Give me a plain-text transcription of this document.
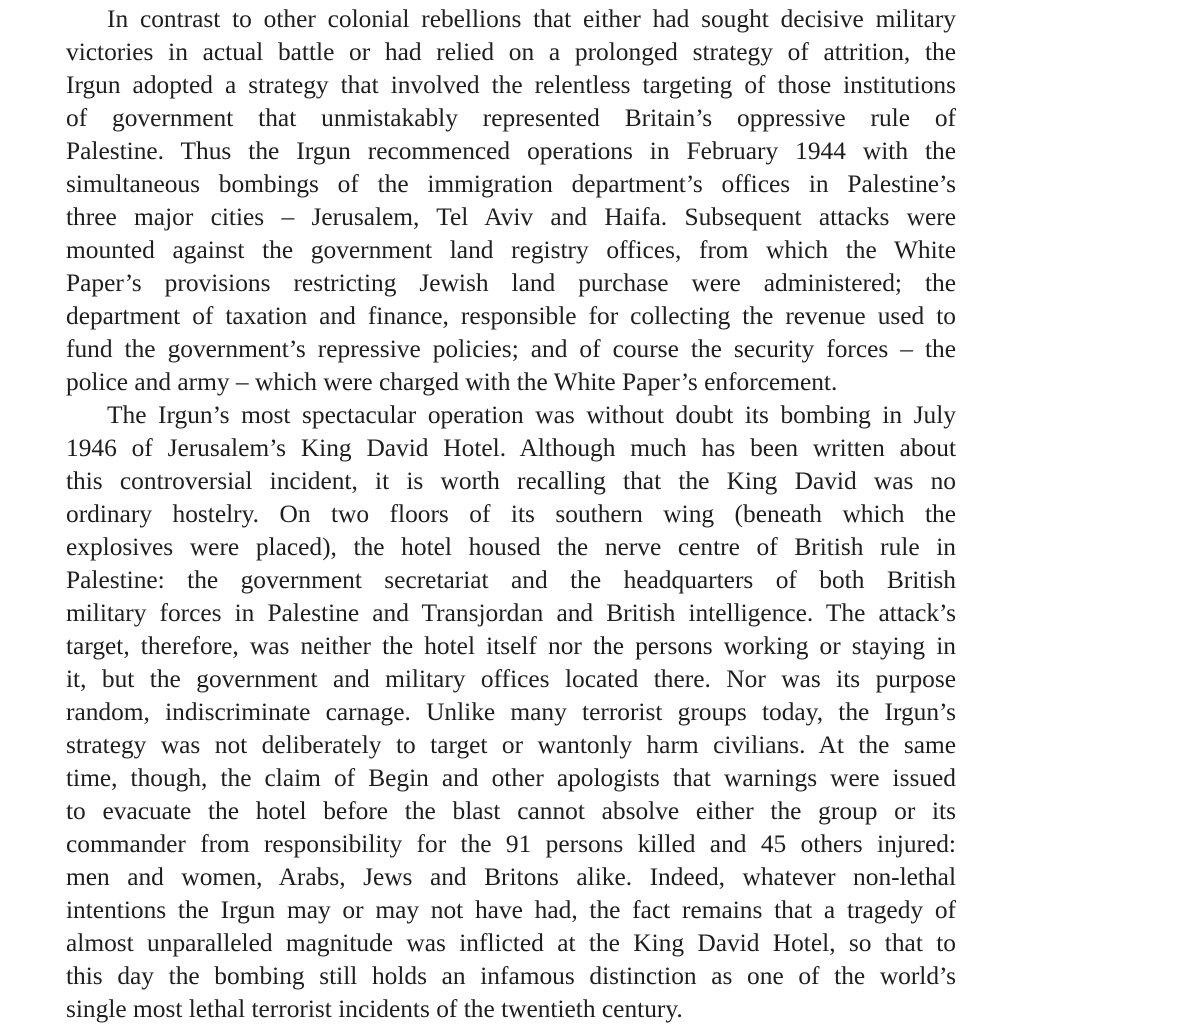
In contrast to other colonial rebellions that either had sought decisive military
victories in actual battle or had relied on a prolonged strategy of attrition, the
Irgun adopted a strategy that involved the relentless targeting of those institutions
of government that unmistakably represented Britain’s oppressive rule of
Palestine. Thus the Irgun recommenced operations in February 1944 with the
simultaneous bombings of the immigration department’s offices in Palestine’s
three major cities – Jerusalem, Tel Aviv and Haifa. Subsequent attacks were
mounted against the government land registry offices, from which the White
Paper’s provisions restricting Jewish land purchase were administered; the
department of taxation and finance, responsible for collecting the revenue used to
fund the government’s repressive policies; and of course the security forces – the
police and army – which were charged with the White Paper’s enforcement.
The Irgun’s most spectacular operation was without doubt its bombing in July
1946 of Jerusalem’s King David Hotel. Although much has been written about
this controversial incident, it is worth recalling that the King David was no
ordinary hostelry. On two floors of its southern wing (beneath which the
explosives were placed), the hotel housed the nerve centre of British rule in
Palestine: the government secretariat and the headquarters of both British
military forces in Palestine and Transjordan and British intelligence. The attack’s
target, therefore, was neither the hotel itself nor the persons working or staying in
it, but the government and military offices located there. Nor was its purpose
random, indiscriminate carnage. Unlike many terrorist groups today, the Irgun’s
strategy was not deliberately to target or wantonly harm civilians. At the same
time, though, the claim of Begin and other apologists that warnings were issued
to evacuate the hotel before the blast cannot absolve either the group or its
commander from responsibility for the 91 persons killed and 45 others injured:
men and women, Arabs, Jews and Britons alike. Indeed, whatever non-lethal
intentions the Irgun may or may not have had, the fact remains that a tragedy of
almost unparalleled magnitude was inflicted at the King David Hotel, so that to
this day the bombing still holds an infamous distinction as one of the world’s
single most lethal terrorist incidents of the twentieth century.
